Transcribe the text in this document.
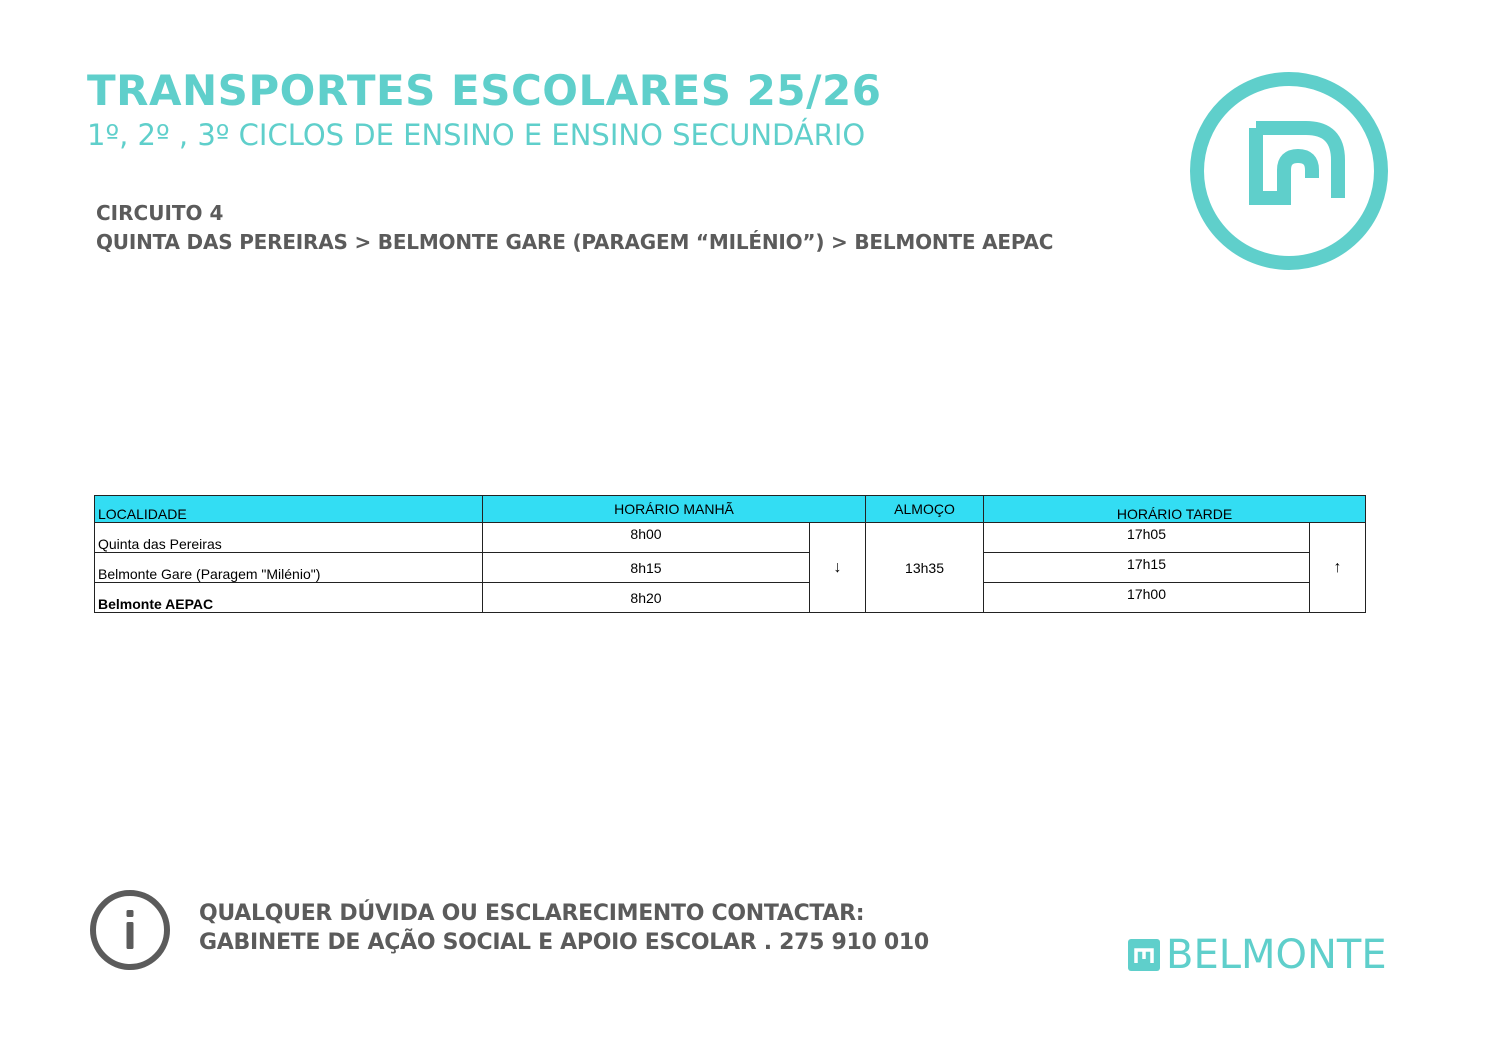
TRANSPORTES ESCOLARES 25/26
1º, 2º , 3º CICLOS DE ENSINO E ENSINO SECUNDÁRIO
CIRCUITO 4
QUINTA DAS PEREIRAS > BELMONTE GARE (PARAGEM “MILÉNIO”) > BELMONTE AEPAC
LOCALIDADE	HORÁRIO MANHÃ		ALMOÇO	HORÁRIO TARDE	
Quinta das Pereiras	8h00	↓	13h35	17h05	↑
Belmonte Gare (Paragem "Milénio")	8h15			17h15	
Belmonte AEPAC	8h20			17h00	
QUALQUER DÚVIDA OU ESCLARECIMENTO CONTACTAR:
GABINETE DE AÇÃO SOCIAL E APOIO ESCOLAR . 275 910 010	BELMONTE
